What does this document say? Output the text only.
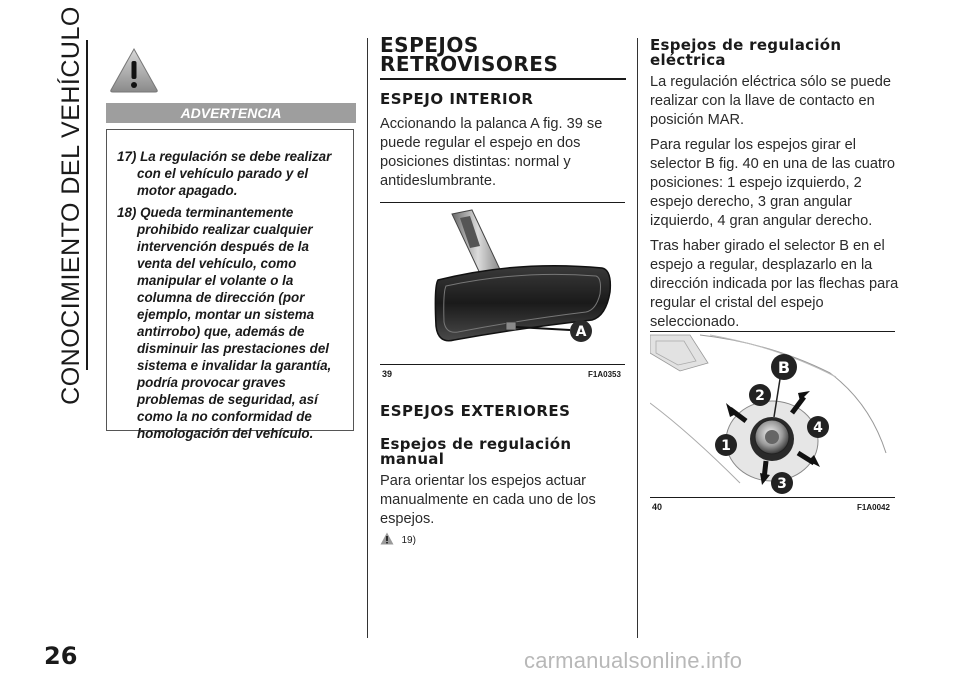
CONOCIMIENTO DEL VEHÍCULO	ADVERTENCIA
17) La regulación se debe realizar con el vehículo parado y el motor apagado.
18) Queda terminantemente prohibido realizar cualquier intervención después de la venta del vehículo, como manipular el volante o la columna de dirección (por ejemplo, montar un sistema antirrobo) que, además de disminuir las prestaciones del sistema e invalidar la garantía, podría provocar graves problemas de seguridad, así como la no conformidad de homologación del vehículo.
ESPEJOS
RETROVISORES
ESPEJO INTERIOR

Accionando la palanca A fig. 39 se puede regular el espejo en dos posiciones distintas: normal y antideslumbrante.

A
39	F1A0353
ESPEJOS EXTERIORES
Espejos de regulación
manual

Para orientar los espejos actuar manualmente en cada uno de los espejos.

19)
Espejos de regulación
eléctrica

La regulación eléctrica sólo se puede realizar con la llave de contacto en posición MAR.

Para regular los espejos girar el selector B fig. 40 en una de las cuatro posiciones: 1 espejo izquierdo, 2 espejo derecho, 3 gran angular izquierdo, 4 gran angular derecho.

Tras haber girado el selector B en el espejo a regular, desplazarlo en la dirección indicada por las flechas para regular el cristal del espejo seleccionado.

B
1
2
3
4
40	F1A0042
26	carmanualsonline.info
